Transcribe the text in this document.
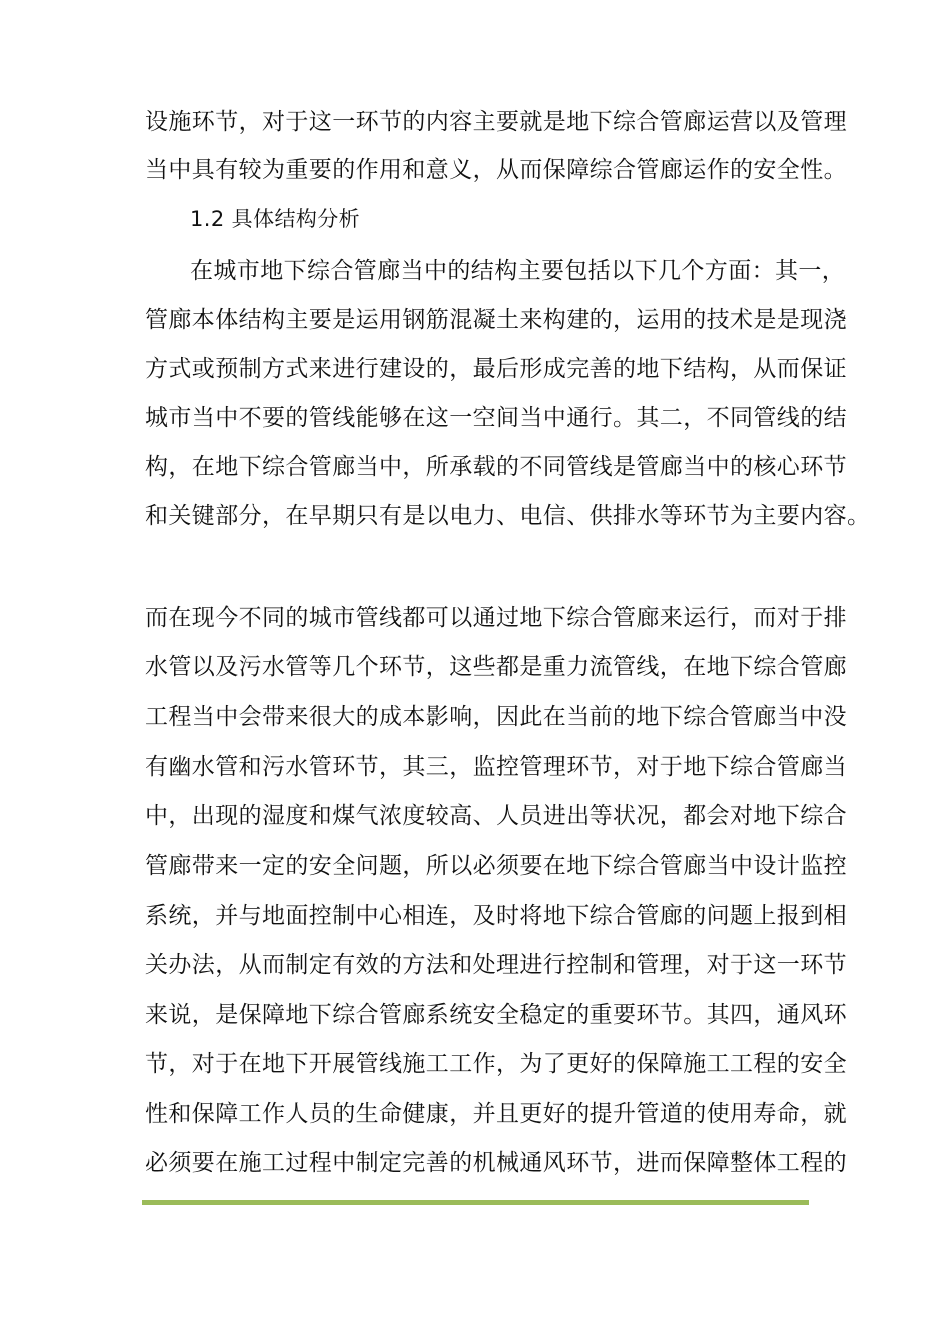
设施环节，对于这一环节的内容主要就是地下综合管廊运营以及管理
当中具有较为重要的作用和意义，从而保障综合管廊运作的安全性。
1.2 具体结构分析
在城市地下综合管廊当中的结构主要包括以下几个方面：其一，
管廊本体结构主要是运用钢筋混凝土来构建的，运用的技术是是现浇
方式或预制方式来进行建设的，最后形成完善的地下结构，从而保证
城市当中不要的管线能够在这一空间当中通行。其二，不同管线的结
构，在地下综合管廊当中，所承载的不同管线是管廊当中的核心环节
和关键部分，在早期只有是以电力、电信、供排水等环节为主要内容。
而在现今不同的城市管线都可以通过地下综合管廊来运行，而对于排
水管以及污水管等几个环节，这些都是重力流管线，在地下综合管廊
工程当中会带来很大的成本影响，因此在当前的地下综合管廊当中没
有幽水管和污水管环节，其三，监控管理环节，对于地下综合管廊当
中，出现的湿度和煤气浓度较高、人员进出等状况，都会对地下综合
管廊带来一定的安全问题，所以必须要在地下综合管廊当中设计监控
系统，并与地面控制中心相连，及时将地下综合管廊的问题上报到相
关办法，从而制定有效的方法和处理进行控制和管理，对于这一环节
来说，是保障地下综合管廊系统安全稳定的重要环节。其四，通风环
节，对于在地下开展管线施工工作，为了更好的保障施工工程的安全
性和保障工作人员的生命健康，并且更好的提升管道的使用寿命，就
必须要在施工过程中制定完善的机械通风环节，进而保障整体工程的
